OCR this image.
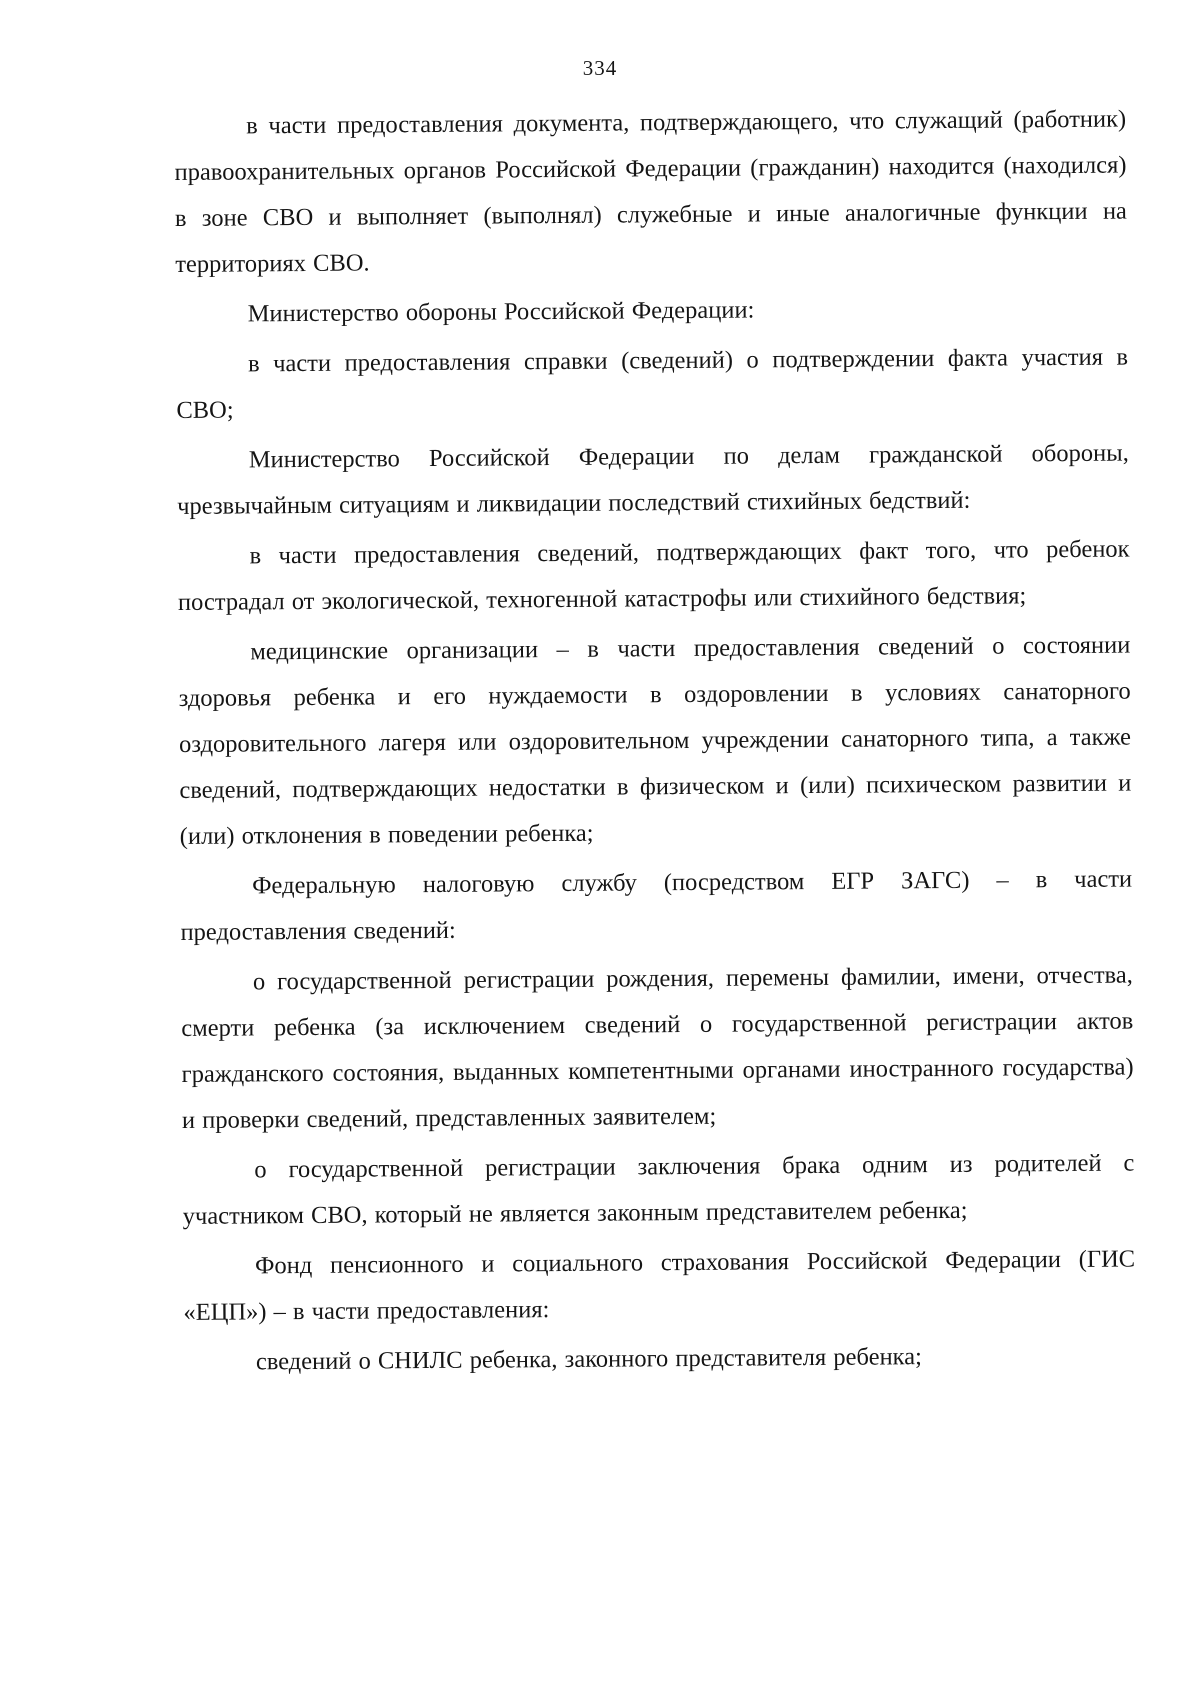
334

в части предоставления документа, подтверждающего, что служащий (работник) правоохранительных органов Российской Федерации (гражданин) находится (находился) в зоне СВО и выполняет (выполнял) служебные и иные аналогичные функции на территориях СВО.

Министерство обороны Российской Федерации:

в части предоставления справки (сведений) о подтверждении факта участия в СВО;

Министерство Российской Федерации по делам гражданской обороны, чрезвычайным ситуациям и ликвидации последствий стихийных бедствий:

в части предоставления сведений, подтверждающих факт того, что ребенок пострадал от экологической, техногенной катастрофы или стихийного бедствия;

медицинские организации – в части предоставления сведений о состоянии здоровья ребенка и его нуждаемости в оздоровлении в условиях санаторного оздоровительного лагеря или оздоровительном учреждении санаторного типа, а также сведений, подтверждающих недостатки в физическом и (или) психическом развитии и (или) отклонения в поведении ребенка;

Федеральную налоговую службу (посредством ЕГР ЗАГС) – в части предоставления сведений:

о государственной регистрации рождения, перемены фамилии, имени, отчества, смерти ребенка (за исключением сведений о государственной регистрации актов гражданского состояния, выданных компетентными органами иностранного государства) и проверки сведений, представленных заявителем;

о государственной регистрации заключения брака одним из родителей с участником СВО, который не является законным представителем ребенка;

Фонд пенсионного и социального страхования Российской Федерации (ГИС «ЕЦП») – в части предоставления:

сведений о СНИЛС ребенка, законного представителя ребенка;
